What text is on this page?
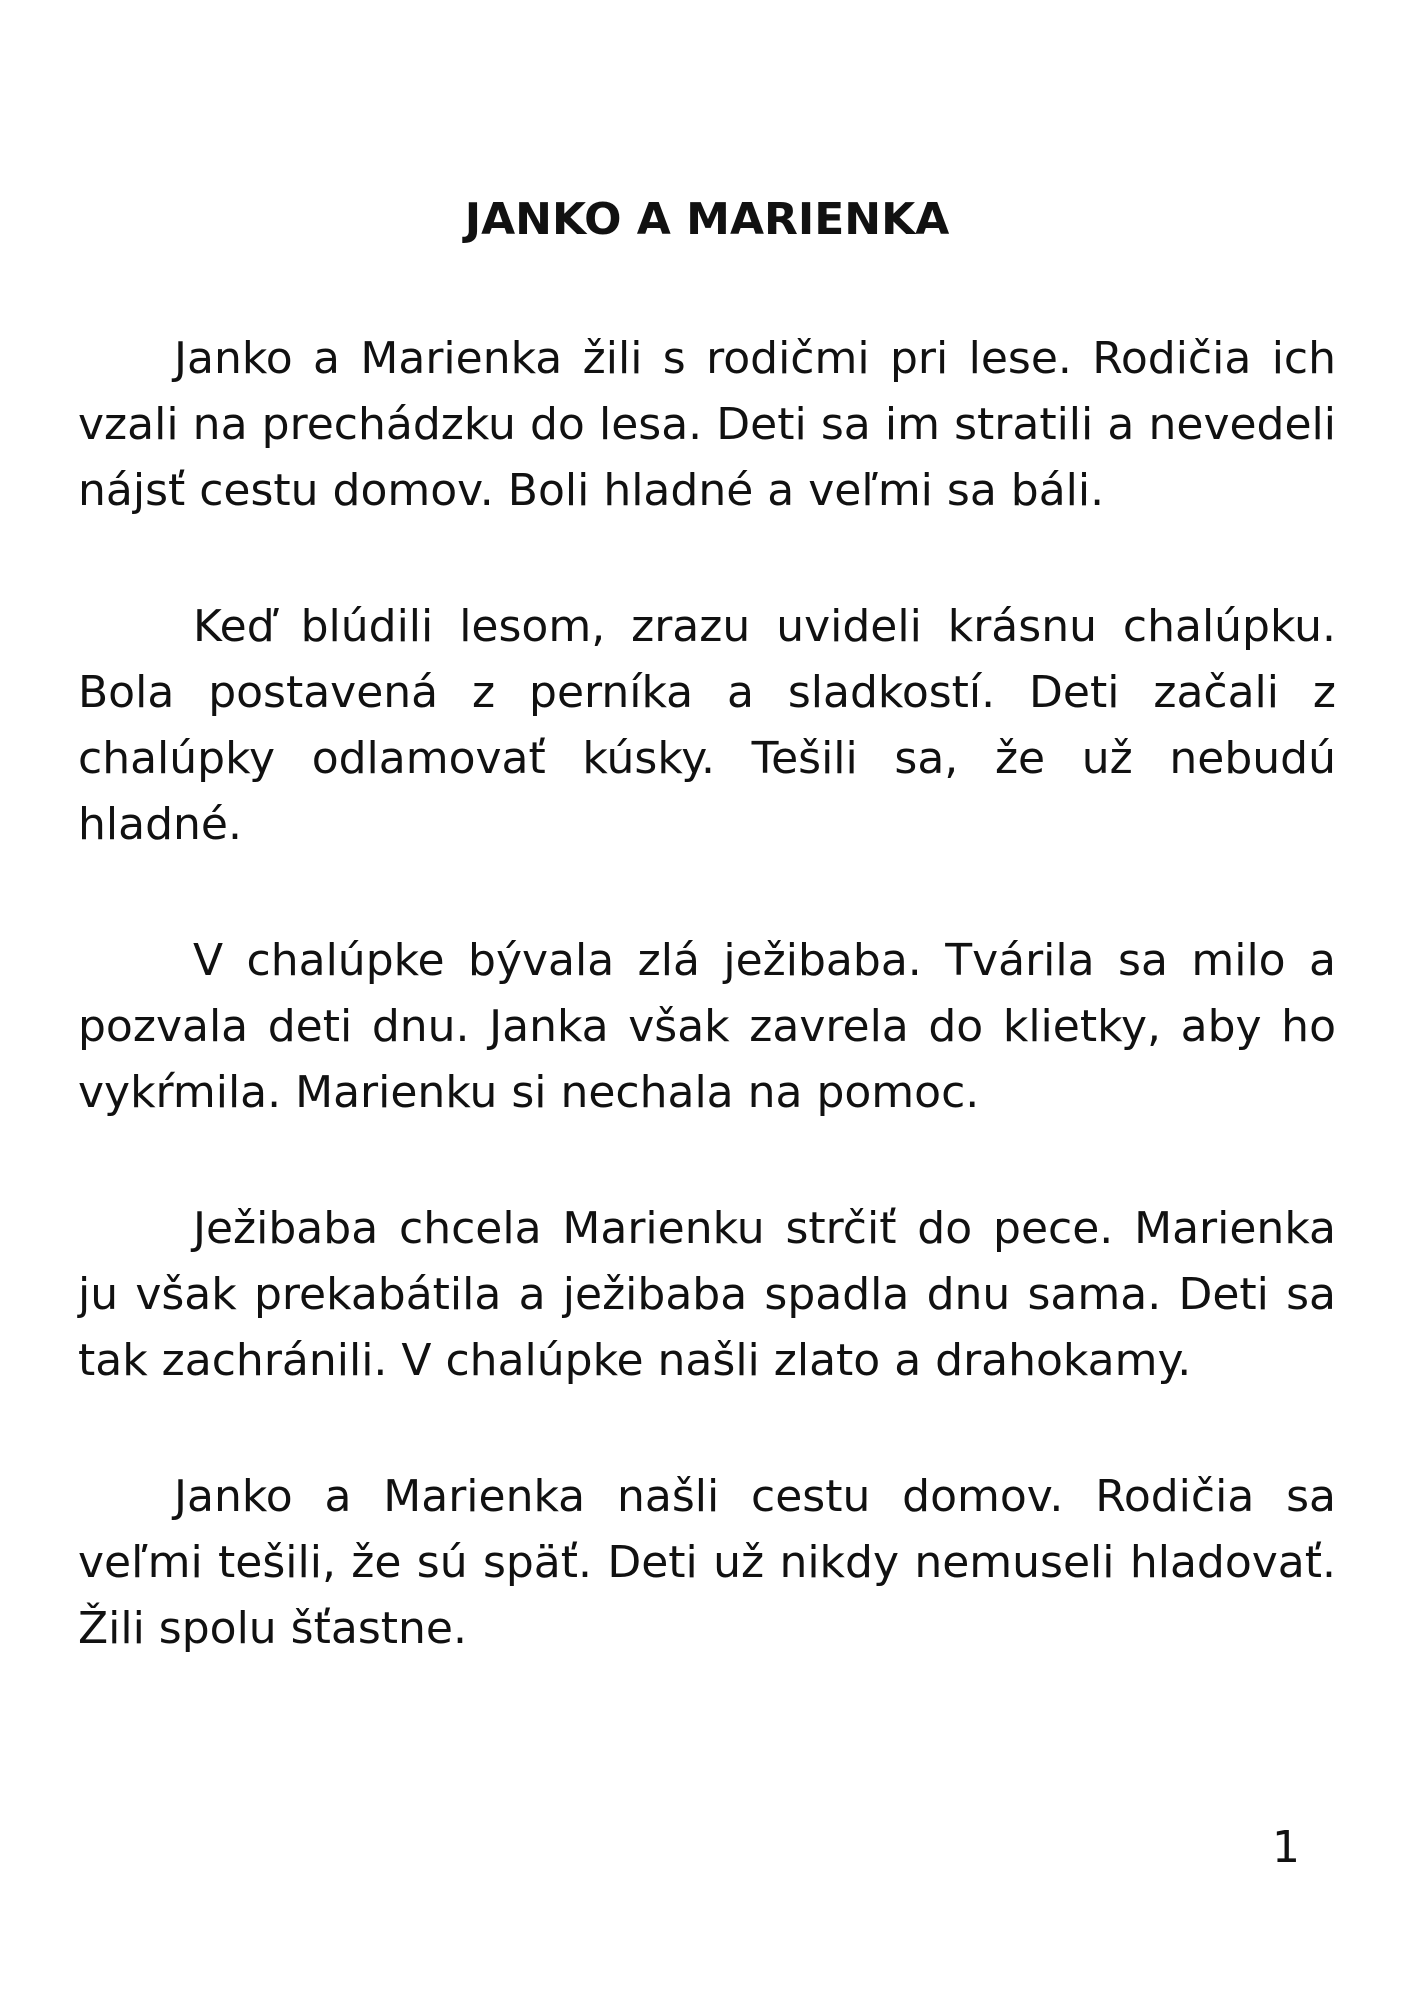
JANKO A MARIENKA

Janko a Marienka žili s rodičmi pri lese. Rodičia ich vzali na prechádzku do lesa. Deti sa im stratili a nevedeli nájsť cestu domov. Boli hladné a veľmi sa báli.

Keď blúdili lesom, zrazu uvideli krásnu chalúpku. Bola postavená z perníka a sladkostí. Deti začali z chalúpky odlamovať kúsky. Tešili sa, že už nebudú hladné.

V chalúpke bývala zlá ježibaba. Tvárila sa milo a pozvala deti dnu. Janka však zavrela do klietky, aby ho vykŕmila. Marienku si nechala na pomoc.

Ježibaba chcela Marienku strčiť do pece. Marienka ju však prekabátila a ježibaba spadla dnu sama. Deti sa tak zachránili. V chalúpke našli zlato a drahokamy.

Janko a Marienka našli cestu domov. Rodičia sa veľmi tešili, že sú späť. Deti už nikdy nemuseli hladovať. Žili spolu šťastne.

1
